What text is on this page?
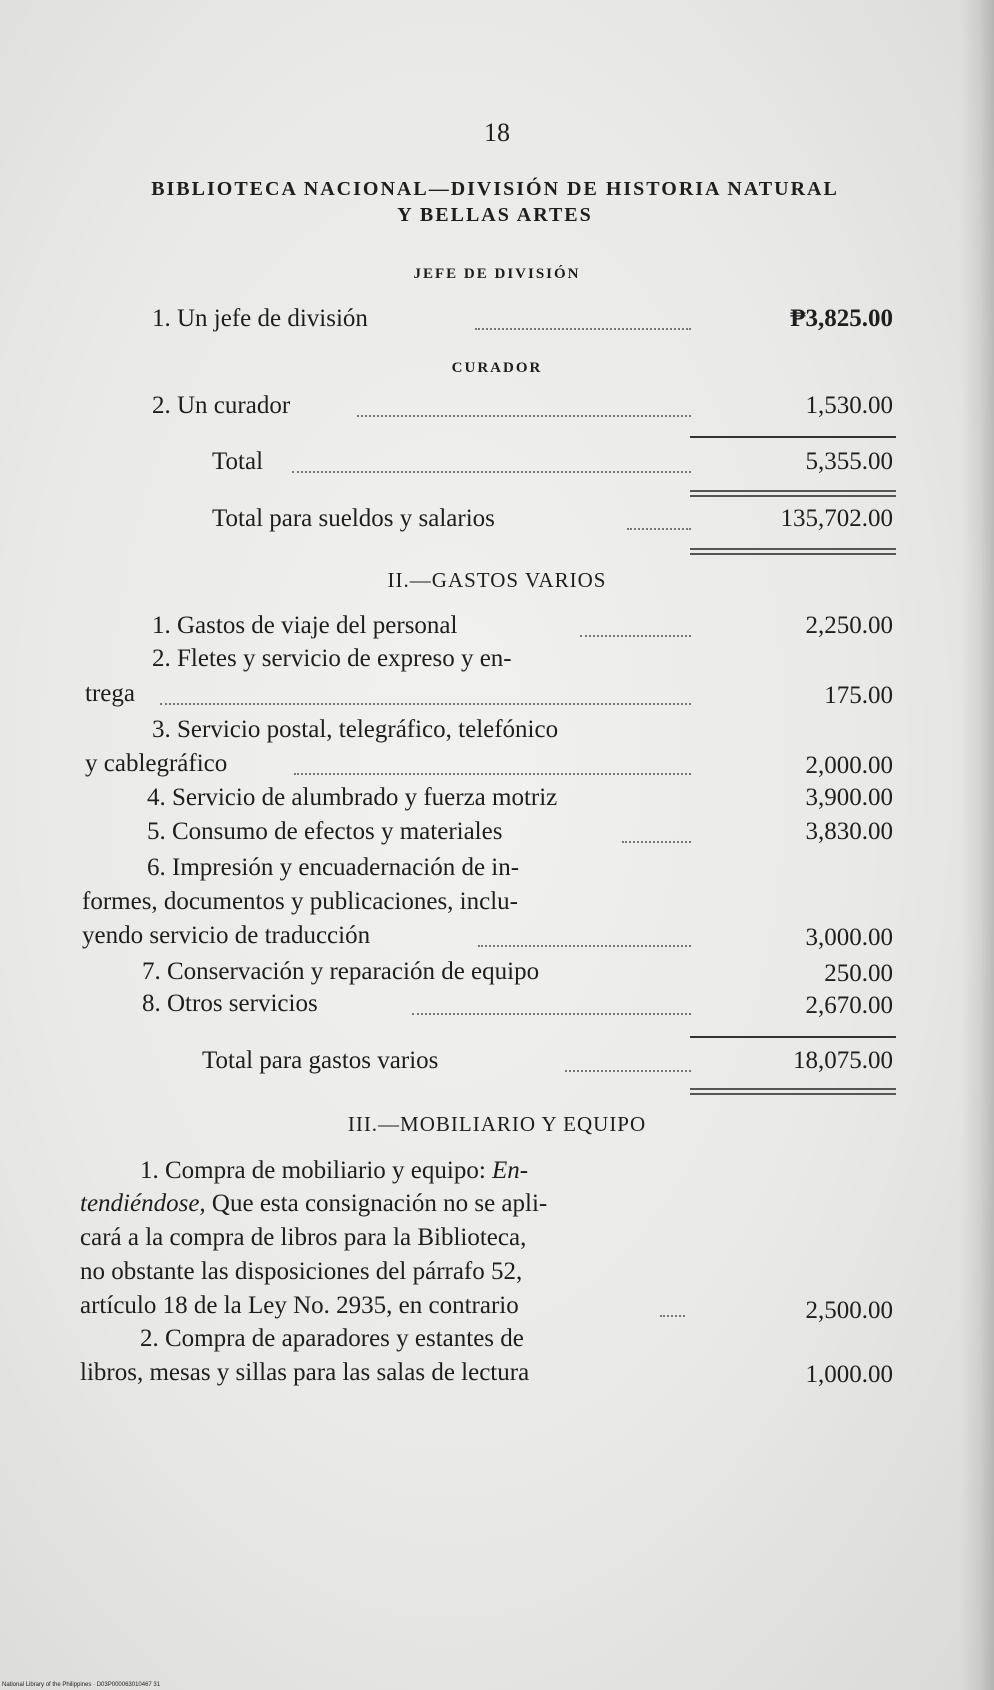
18
BIBLIOTECA NACIONAL—DIVISIÓN DE HISTORIA NATURAL
Y BELLAS ARTES
JEFE DE DIVISIÓN
1. Un jefe de división	₱3,825.00
CURADOR
2. Un curador	1,530.00
Total	5,355.00
Total para sueldos y salarios	135,702.00
II.—GASTOS VARIOS
1. Gastos de viaje del personal	2,250.00
2. Fletes y servicio de expreso y en-
trega	175.00
3. Servicio postal, telegráfico, telefónico
y cablegráfico	2,000.00
4. Servicio de alumbrado y fuerza motriz	3,900.00
5. Consumo de efectos y materiales	3,830.00
6. Impresión y encuadernación de in-
formes, documentos y publicaciones, inclu-
yendo servicio de traducción	3,000.00
7. Conservación y reparación de equipo	250.00
8. Otros servicios	2,670.00
Total para gastos varios	18,075.00
III.—MOBILIARIO Y EQUIPO
1. Compra de mobiliario y equipo: En-
tendiéndose, Que esta consignación no se apli-
cará a la compra de libros para la Biblioteca,
no obstante las disposiciones del párrafo 52,
artículo 18 de la Ley No. 2935, en contrario	2,500.00
2. Compra de aparadores y estantes de
libros, mesas y sillas para las salas de lectura	1,000.00
National Library of the Philippines · D03P000063010467 31
